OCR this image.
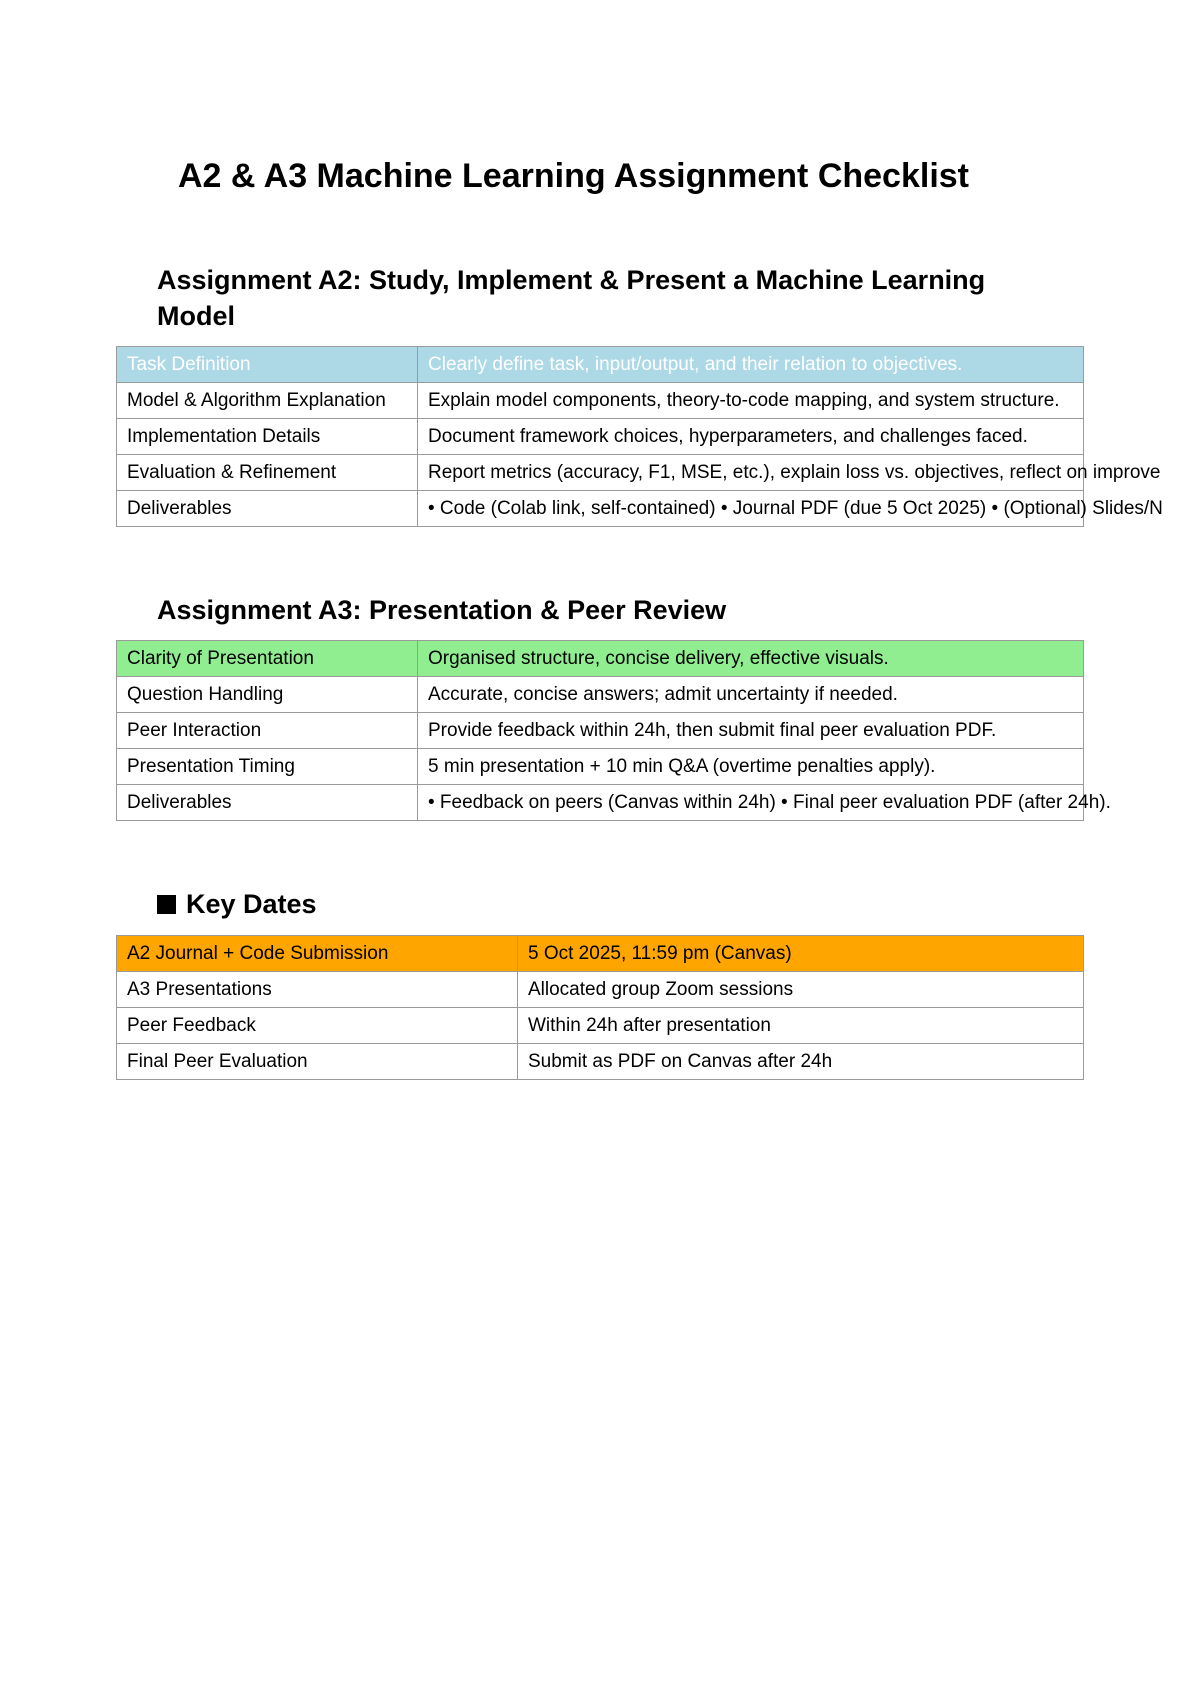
A2 & A3 Machine Learning Assignment Checklist
Assignment A2: Study, Implement & Present a Machine Learning Model
Task Definition	Clearly define task, input/output, and their relation to objectives.
Model & Algorithm Explanation	Explain model components, theory-to-code mapping, and system structure.
Implementation Details	Document framework choices, hyperparameters, and challenges faced.
Evaluation & Refinement	Report metrics (accuracy, F1, MSE, etc.), explain loss vs. objectives, reflect on improve
Deliverables	• Code (Colab link, self-contained) • Journal PDF (due 5 Oct 2025) • (Optional) Slides/N
Assignment A3: Presentation & Peer Review
Clarity of Presentation	Organised structure, concise delivery, effective visuals.
Question Handling	Accurate, concise answers; admit uncertainty if needed.
Peer Interaction	Provide feedback within 24h, then submit final peer evaluation PDF.
Presentation Timing	5 min presentation + 10 min Q&A (overtime penalties apply).
Deliverables	• Feedback on peers (Canvas within 24h) • Final peer evaluation PDF (after 24h).
Key Dates
A2 Journal + Code Submission	5 Oct 2025, 11:59 pm (Canvas)
A3 Presentations	Allocated group Zoom sessions
Peer Feedback	Within 24h after presentation
Final Peer Evaluation	Submit as PDF on Canvas after 24h
